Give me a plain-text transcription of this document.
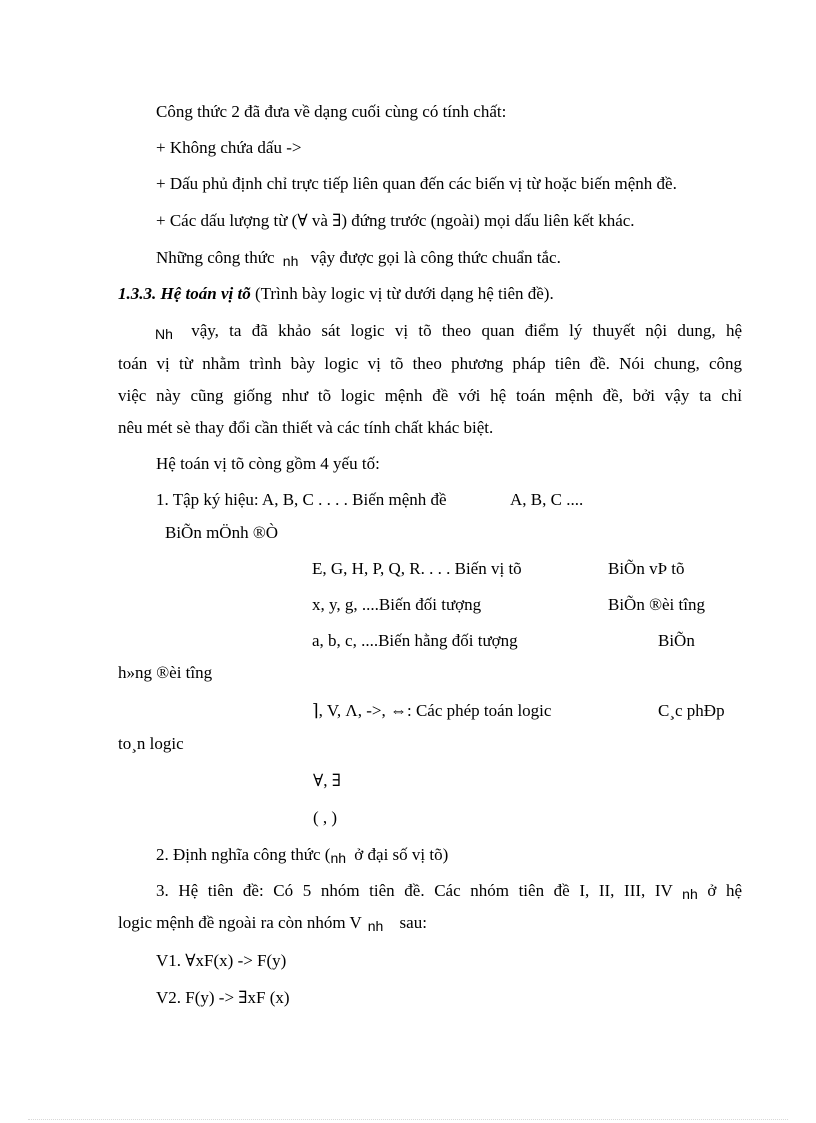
Công thức 2 đã đưa về dạng cuối cùng có tính chất:
+ Không chứa dấu ->
+ Dấu phủ định chỉ trực tiếp liên quan đến các biến vị từ hoặc biến mệnh đề.
+ Các dấu lượng từ (∀ và ∃) đứng trước (ngoài) mọi dấu liên kết khác.
Những công thức nh vậy được gọi là công thức chuẩn tắc.
1.3.3. Hệ toán vị tõ (Trình bày logic vị từ dưới dạng hệ tiên đề).
Nh vậy, ta đã khảo sát logic vị tõ theo quan điểm lý thuyết nội dung, hệ
toán vị từ nhằm trình bày logic vị tõ theo phương pháp tiên đề. Nói chung, công
việc này cũng giống như tõ logic mệnh đề với hệ toán mệnh đề, bởi vậy ta chỉ
nêu mét sè thay đổi cần thiết và các tính chất khác biệt.
Hệ toán vị tõ còng gồm 4 yếu tố:
1. Tập ký hiệu: A, B, C . . . . Biến mệnh đề	A, B, C ....
BiÕn mÖnh ®Ò
E, G, H, P, Q, R. . . . Biến vị tõ	BiÕn vÞ tõ
x, y, g, ....Biến đối tượng	BiÕn ®èi tîng
a, b, c, ....Biến hằng đối tượng	BiÕn
h»ng ®èi tîng
⌉, V, Λ, ->, ⇔: Các phép toán logic	C¸c phÐp
to¸n logic
∀, ∃
( , )
2. Định nghĩa công thức (nh ở đại số vị tõ)
3. Hệ tiên đề: Có 5 nhóm tiên đề. Các nhóm tiên đề I, II, III, IV nh ở hệ
logic mệnh đề ngoài ra còn nhóm V nh sau:
V1. ∀xF(x) -> F(y)
V2. F(y) -> ∃xF (x)
